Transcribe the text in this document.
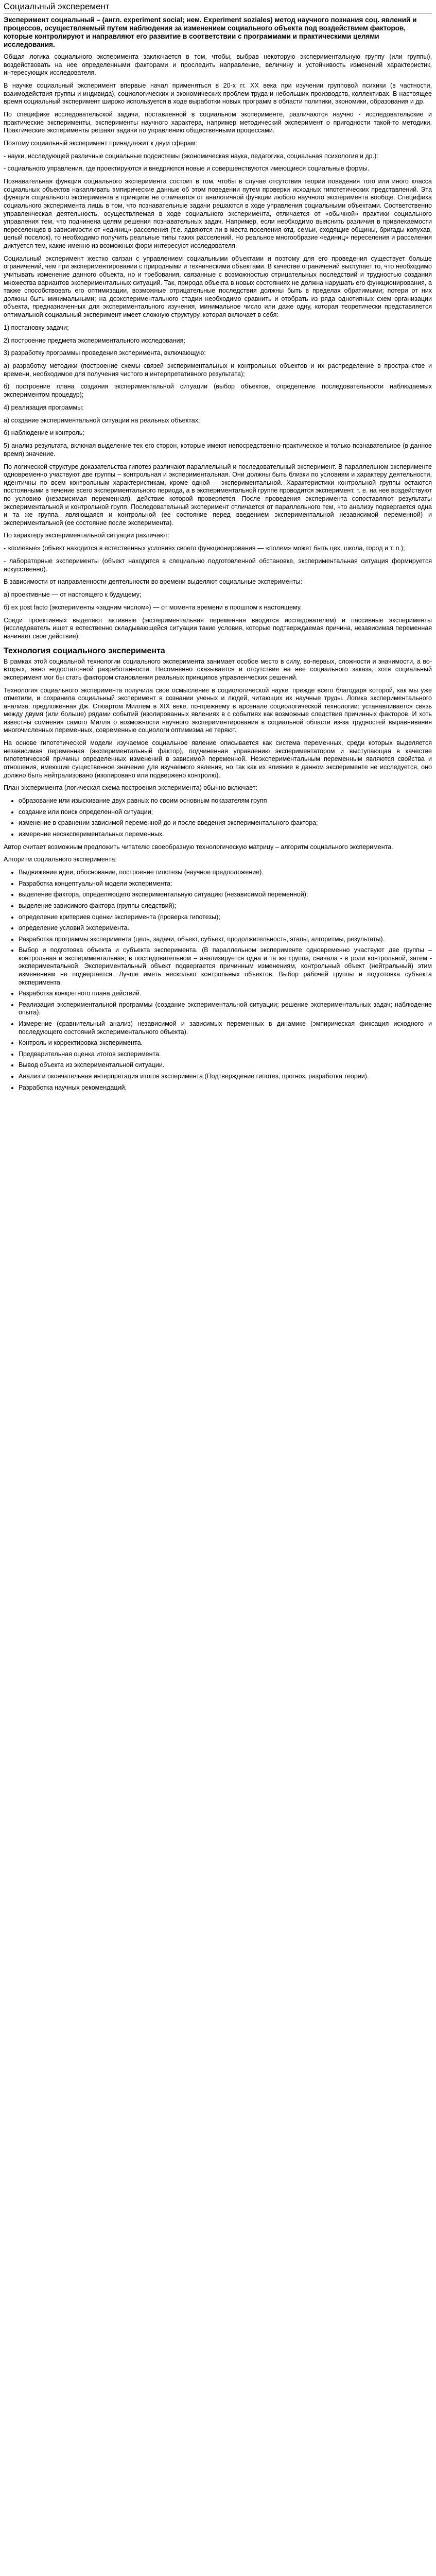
Социальный эксперемент
Эксперимент социальный – (англ. experiment social; нем. Experiment soziales) метод научного познания соц. явлений и процессов, осуществляемый путем наблюдения за изменением социального объекта под воздействием факторов, которые контролируют и направляют его развитие в соответствии с программами и практическими целями исследования.

Общая логика социального эксперимента заключается в том, чтобы, выбрав некоторую экспериментальную группу (или группы), воздействовать на нее определенными факторами и проследить направление, величину и устойчивость изменений характеристик, интересующих исследователя.

В научке социальный эксперимент впервые начал применяться в 20-х гг. XX века при изучении групповой психики (в частности, взаимодействия группы и индивида), социологических и экономических проблем труда и небольших производств, коллективах. В настоящее время социальный эксперимент широко используется в ходе выработки новых программ в области политики, экономики, образования и др.

По специфике исследовательской задачи, поставленной в социальном эксперименте, различаются научно - исследовательские и практические эксперименты, эксперименты научного характера, например методический эксперимент о пригодности такой-то методики. Практические эксперименты решают задачи по управлению общественными процессами.

Поэтому социальный эксперимент принадлежит к двум сферам:

- науки, исследующей различные социальные подсистемы (экономическая наука, педагогика, социальная психология и др.):

- социального управления, где проектируются и внедряются новые и совершенствуются имеющиеся социальные формы.

Познавательная функция социального эксперимента состоит в том, чтобы в случае отсутствия теории поведения того или иного класса социальных объектов накапливать эмпирические данные об этом поведении путем проверки исходных гипотетических представлений. Эта функция социального эксперимента в принципе не отличается от аналогичной функции любого научного эксперимента вообще. Специфика социального эксперимента лишь в том, что познавательные задачи решаются в ходе управления социальными объектами. Соответственно управленческая деятельность, осуществляемая в ходе социального эксперимента, отличается от «обычной» практики социального управления тем, что подчинена целям решения познавательных задач. Например, если необходимо выяснить различия в привлекаемости переселенцев в зависимости от «единиц» расселения (т.е. ядвяются ли в места поселения отд. семьи, сходящие общины, бригады копухав, целый поселок), то необходимо получить реальные типы таких расселений. Но реальное многообразие «единиц» переселения и расселения диктуется тем, какие именно из возможных форм интересуют исследователя.

Социальный эксперимент жестко связан с управлением социальными объектами и поэтому для его проведения существует больше ограничений, чем при экспериментировании с природными и техническими объектами. В качестве ограничений выступает то, что необходимо учитывать изменение данного объекта, но и требования, связанные с возможностью отрицательных последствий и трудностью создания множества вариантов экспериментальных ситуаций. Так, природа объекта в новых состояниях не должна нарушать его функционирования, а также способствовать его оптимизации, возможные отрицательные последствия должны быть в пределах обратимыми; потери от них должны быть минимальными; на доэкспериментального стадии необходимо сравнить и отобрать из ряда однотипных схем организации объекта, предназначенных для экспериментального изучения, минимальное число или даже одну, которая теоретически представляется оптимальной социальный эксперимент имеет сложную структуру, которая включает в себя:

1) постановку задачи;

2) построение предмета экспериментального исследования;

3) разработку программы проведения эксперимента, включающую:

а) разработку методики (построение схемы связей экспериментальных и контрольных объектов и их распределение в пространстве и времени, необходимое для получения чистого и интерпретативного результата);

б) построение плана создания экспериментальной ситуации (выбор объектов, определение последовательности наблюдаемых экспериментом процедур);

4) реализация программы:

а) создание экспериментальной ситуации на реальных объектах;

б) наблюдение и контроль;

5) анализ результата, включая выделение тех его сторон, которые имеют непосредственно-практическое и только познавательное (в данное время) значение.

По логической структуре доказательства гипотез различают параллельный и последовательный эксперимент. В параллельном эксперименте одновременно участвуют две группы – контрольная и экспериментальная. Они должны быть близки по условиям и характеру деятельности, идентичны по всем контрольным характеристикам, кроме одной – экспериментальной. Характеристики контрольной группы остаются постоянными в течение всего экспериментального периода, а в экспериментальной группе проводится эксперимент, т. е. на нее воздействуют по условию (независимая переменная), действие которой проверяется. После проведения эксперимента сопоставляют результаты экспериментальной и контрольной групп. Последовательный эксперимент отличается от параллельного тем, что анализу подвергается одна и та же группа, являющаяся и контрольной (ее состояние перед введением экспериментальной независимой переменной) и экспериментальной (ее состояние после эксперимента).

По характеру экспериментальной ситуации различают:

- «полевые» (объект находится в естественных условиях своего функционирования — «полем» может быть цех, школа, город и т. п.);

- лабораторные эксперименты (объект находится в специально подготовленной обстановке, экспериментальная ситуация формируется искусственно).

В зависимости от направленности деятельности во времени выделяют социальные эксперименты:

а) проективные — от настоящего к будущему;

б) ex post facto (эксперименты «задним числом») — от момента времени в прошлом к настоящему.

Среди проективных выделяют активные (экспериментальная переменная вводится исследователем) и пассивные эксперименты (исследователь ищет в естественно складывающейся ситуации такие условия, которые подтверждаемая причина, независимая переменная начинает свое действие).

Технология социального эксперимента

В рамках этой социальной технологии социального эксперимента занимает особое место в силу, во-первых, сложности и значимости, а во-вторых, явно недостаточной разработанности. Несомненно оказывается и отсутствие на нее социального заказа, хотя социальный эксперимент мог бы стать фактором становления реальных принципов управленческих решений.

Технология социального эксперимента получила свое осмысление в социологической науке, прежде всего благодаря которой, как мы уже отметили, и сохранила социальный эксперимент в сознании ученых и людей, читающих их научные труды. Логика экспериментального анализа, предложенная Дж. Стюартом Миллем в XIX веке, по-прежнему в арсенале социологической технологии: устанавливается связь между двумя (или больше) рядами событий (изолированных явлениях в с событиях как возможные следствия причинных факторов. И хоть известны сомнения самого Милля о возможности научного экспериментирования в социальной области из-за трудностей выравнивания многочисленных переменных, современные социологи оптимизма не теряют.

На основе гипотетической модели изучаемое социальное явление описывается как система переменных, среди которых выделяется независимая переменная (экспериментальный фактор), подчиненная управлению экспериментатором и выступающая в качестве гипотетической причины определенных изменений в зависимой переменной. Неэкспериментальным переменным являются свойства и отношения, имеющие существенное значение для изучаемого явления, но так как их влияние в данном эксперименте не исследуется, оно должно быть нейтрализовано (изолировано или подвержено контролю).

План эксперимента (логическая схема построения эксперимента) обычно включает:

• образование или изыскивание двух равных по своим основным показателям групп
• создание или поиск определенной ситуации;
• изменение в сравнении зависимой переменной до и после введения экспериментального фактора;
• измерение несэкспериментальных переменных.

Автор считает возможным предложить читателю своеобразную технологическую матрицу – алгоритм социального эксперимента.

Алгоритм социального эксперимента:

• Выдвижение идеи, обоснование, построение гипотезы (научное предположение).
• Разработка концептуальной модели эксперимента:
• выделение фактора, определяющего экспериментальную ситуацию (независимой переменной);
• выделение зависимого фактора (группы следствий);
• определение критериев оценки эксперимента (проверка гипотезы);
• определение условий эксперимента.
• Разработка программы эксперимента (цель, задачи, объект, субъект, продолжительность, этапы, алгоритмы, результаты).
• Выбор и подготовка объекта и субъекта эксперимента. (В параллельном эксперименте одновременно участвуют две группы – контрольная и экспериментальная; в последовательном – анализируется одна и та же группа, сначала - в роли контрольной, затем - экспериментальной. Экспериментальный объект подвергается причинным изменениям, контрольный объект (нейтральный) этим изменениям не подвергается. Лучше иметь несколько контрольных объектов. Выбор рабочей группы и подготовка субъекта эксперимента.
• Разработка конкретного плана действий.
• Реализация экспериментальной программы (создание экспериментальной ситуации; решение экспериментальных задач; наблюдение опыта).
• Измерение (сравнительный анализ) независимой и зависимых переменных в динамике (эмпирическая фиксация исходного и последующего состояний экспериментального объекта).
• Контроль и корректировка эксперимента.
• Предварительная оценка итогов эксперимента.
• Вывод объекта из экспериментальной ситуации.
• Анализ и окончательная интерпретация итогов эксперимента (Подтверждение гипотез, прогноз, разработка теории).
• Разработка научных рекомендаций.
